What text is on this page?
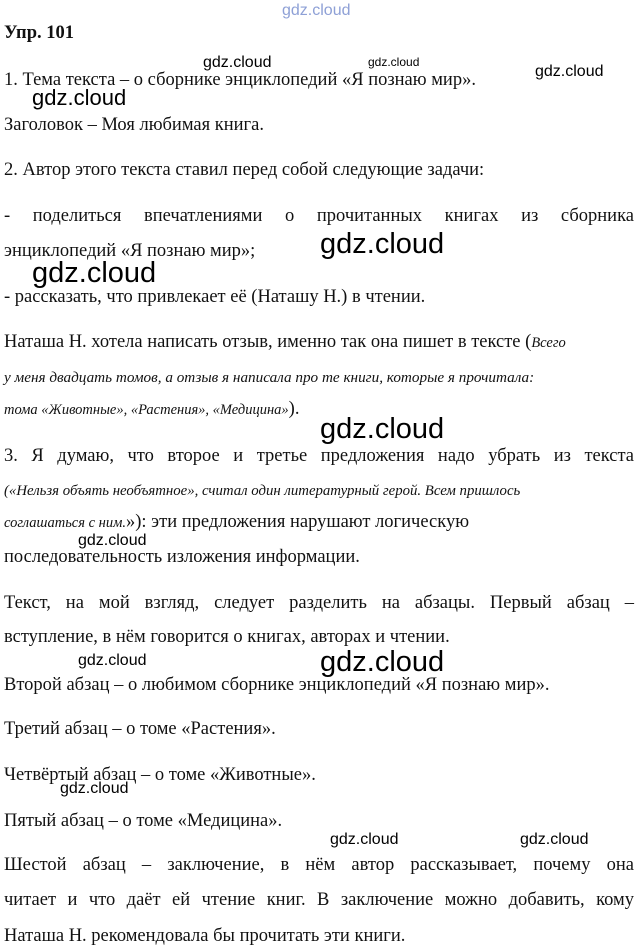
gdz.cloud
Упр. 101
1. Тема текста – о сборнике энциклопедий «Я познаю мир».
Заголовок – Моя любимая книга.
2. Автор этого текста ставил перед собой следующие задачи:
- поделиться впечатлениями о прочитанных книгах из сборника
энциклопедий «Я познаю мир»;
- рассказать, что привлекает её (Наташу Н.) в чтении.
Наташа Н. хотела написать отзыв, именно так она пишет в тексте (Всего
у меня двадцать томов, а отзыв я написала про те книги, которые я прочитала:
тома «Животные», «Растения», «Медицина»).
3. Я думаю, что второе и третье предложения надо убрать из текста
(«Нельзя объять необъятное», считал один литературный герой. Всем пришлось
соглашаться с ним.»): эти предложения нарушают логическую
последовательность изложения информации.
Текст, на мой взгляд, следует разделить на абзацы. Первый абзац –
вступление, в нём говорится о книгах, авторах и чтении.
Второй абзац – о любимом сборнике энциклопедий «Я познаю мир».
Третий абзац – о томе «Растения».
Четвёртый абзац – о томе «Животные».
Пятый абзац – о томе «Медицина».
Шестой абзац – заключение, в нём автор рассказывает, почему она
читает и что даёт ей чтение книг. В заключение можно добавить, кому
Наташа Н. рекомендовала бы прочитать эти книги.
gdz.cloud	gdz.cloud
gdz.cloud
gdz.cloud
gdz.cloud
gdz.cloud
gdz.cloud
gdz.cloud
gdz.cloud	gdz.cloud
gdz.cloud
gdz.cloud	gdz.cloud
